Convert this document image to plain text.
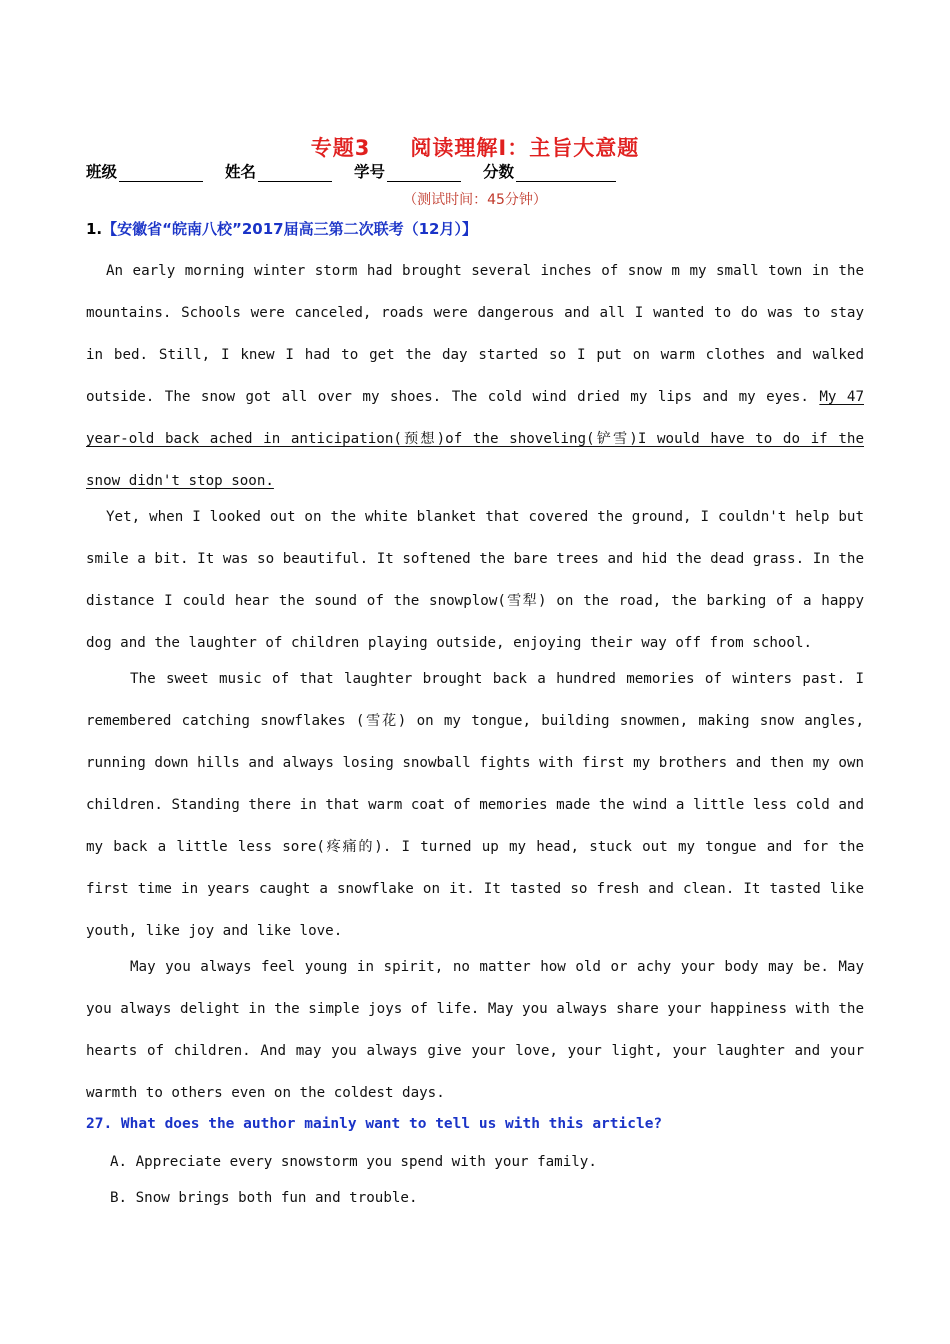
专题3 阅读理解Ⅰ：主旨大意题
班级	姓名	学号	分数
（测试时间：45分钟）
1.【安徽省“皖南八校”2017届高三第二次联考（12月）】

An early morning winter storm had brought several inches of snow m my small town in the mountains. Schools were canceled, roads were dangerous and all I wanted to do was to stay in bed. Still, I knew I had to get the day started so I put on warm clothes and walked outside. The snow got all over my shoes. The cold wind dried my lips and my eyes. My 47 year-old back ached in anticipation(预想)of the shoveling(铲雪)I would have to do if the snow didn't stop soon.

Yet, when I looked out on the white blanket that covered the ground, I couldn't help but smile a bit. It was so beautiful. It softened the bare trees and hid the dead grass. In the distance I could hear the sound of the snowplow(雪犁) on the road, the barking of a happy dog and the laughter of children playing outside, enjoying their way off from school.

The sweet music of that laughter brought back a hundred memories of winters past. I remembered catching snowflakes (雪花) on my tongue, building snowmen, making snow angles, running down hills and always losing snowball fights with first my brothers and then my own children. Standing there in that warm coat of memories made the wind a little less cold and my back a little less sore(疼痛的). I turned up my head, stuck out my tongue and for the first time in years caught a snowflake on it. It tasted so fresh and clean. It tasted like youth, like joy and like love.

May you always feel young in spirit, no matter how old or achy your body may be. May you always delight in the simple joys of life. May you always share your happiness with the hearts of children. And may you always give your love, your light, your laughter and your warmth to others even on the coldest days.

27. What does the author mainly want to tell us with this article?
A. Appreciate every snowstorm you spend with your family.
B. Snow brings both fun and trouble.
